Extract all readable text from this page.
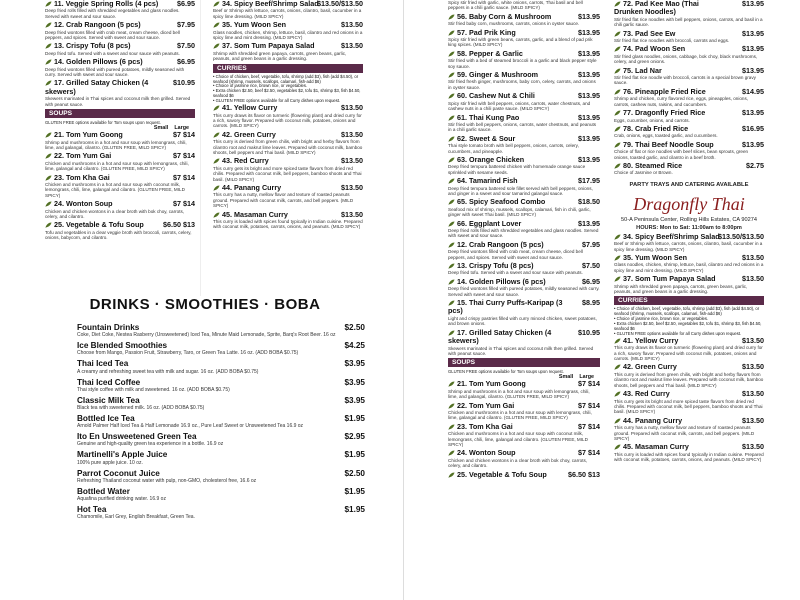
11. Veggie Spring Rolls (4 pcs)	$6.95
Deep fried rolls filled with shredded vegetables and glass noodles. Served with sweet and sour sauce.
12. Crab Rangoon (5 pcs)	$7.95
Deep fried wontons filled with crab meat, cream cheese, diced bell peppers, and spices. Served with sweet and sour sauce.
13. Crispy Tofu (8 pcs)	$7.50
Deep fried tofu. Served with a sweet and sour sauce with peanuts.
14. Golden Pillows (6 pcs)	$6.95
Deep fried wontons filled with pureed potatoes, mildly seasoned with curry. Served with sweet and sour sauce.
17. Grilled Satay Chicken (4 skewers)
$10.95
Skewers marinated in Thai spices and coconut milk then grilled. Served with peanut sauce.
SOUPS
GLUTEN FREE options available for Tom soups upon request.
Small Large
21. Tom Yum Goong	$7 $14
Shrimp and mushrooms in a hot and sour soup with lemongrass, chili, lime, and galangal, cilantro. (GLUTEN FREE, MILD SPICY)
22. Tom Yum Gai	$7 $14
Chicken and mushrooms in a hot and sour soup with lemongrass, chili, lime, galangal and cilantro. (GLUTEN FREE, MILD SPICY)
23. Tom Kha Gai	$7 $14
Chicken and mushrooms in a hot and sour soup with coconut milk, lemongrass, chili, lime, galangal and cilantro. (GLUTEN FREE, MILD SPICY)
24. Wonton Soup	$7 $14
Chicken and chicken wontons in a clear broth with bok choy, carrots, celery, and cilantro.
25. Vegetable & Tofu Soup	$6.50 $13
Tofu and vegetables in a clear veggie broth with broccoli, carrots, celery, onions, babycorn, and cilantro.
34. Spicy Beef/Shrimp Salad
$13.50/$13.50
Beef or Shrimp with lettuce, carrots, onions, cilantro, basil, cucumber in a spicy lime dressing. (MILD SPICY)
35. Yum Woon Sen	$13.50
Glass noodles, chicken, shrimp, lettuce, basil, cilantro and red onions in a spicy lime and mint dressing. (MILD SPICY)
37. Som Tum Papaya Salad	$13.50
Shrimp with shredded green papaya, carrots, green beans, garlic, peanuts, and green beans in a garlic dressing.
CURRIES
• Choice of chicken, beef, vegetable, tofu, shrimp (add $3), fish (add $4.50), or seafood (shrimp, mussels, scallops, calamari, fish-add $6)
• Choice of jasmine rice, brown rice, or vegetables.
• Extra chicken $2.50, beef $2.50, vegetables $2, tofu $1, shrimp $3, fish $4.50, seafood $6
• GLUTEN FREE options available for all Curry dishes upon request.
41. Yellow Curry	$13.50
This curry draws its flavor on turmeric (flowering plant) and dried curry for a rich, savory flavor. Prepared with coconut milk, potatoes, onions and carrots. (MILD SPICY)
42. Green Curry	$13.50
This curry is derived from green chilis, with bright and herby flavors from cilantro root and makrut lime leaves. Prepared with coconut milk, bamboo shoots, bell peppers and Thai basil. (MILD SPICY)
43. Red Curry	$13.50
This curry gets its bright and more spiced taste flavors from dried red chilis. Prepared with coconut milk, bell peppers, bamboo shoots and Thai basil. (MILD SPICY)
44. Panang Curry	$13.50
This curry has a nutty, mellow flavor and texture of roasted peanuts ground. Prepared with coconut milk, carrots, and bell peppers. (MILD SPICY)
45. Masaman Curry	$13.50
This curry is loaded with spices found typically in Indian cuisine. Prepared with coconut milk, potatoes, carrots, onions, and peanuts. (MILD SPICY)
DRINKS · SMOOTHIES · BOBA
Fountain Drinks	$2.50
Coke, Diet Coke, Nestea Rasberry (Unsweetened) Iced Tea, Minute Maid Lemonade, Sprite, Barq's Root Beer. 16 oz
Ice Blended Smoothies	$4.25
Choose from Mango, Passion Fruit, Strawberry, Taro, or Green Tea Latte. 16 oz. (ADD BOBA $0.75)
Thai Iced Tea	$3.95
A creamy and refreshing sweet tea with milk and sugar. 16 oz. (ADD BOBA $0.75)
Thai Iced Coffee	$3.95
Thai style coffee with milk and sweetened. 16 oz. (ADD BOBA $0.75)
Classic Milk Tea	$3.95
Black tea with sweetened milk. 16 oz. (ADD BOBA $0.75)
Bottled Ice Tea	$1.95
Arnold Palmer Half Iced Tea & Half Lemonade 16.9 oz., Pure Leaf Sweet or Unsweetened Tea 16.9 oz
Ito En Unsweetened Green Tea	$2.95
Genuine and high-quality green tea experience in a bottle. 16.9 oz
Martinelli's Apple Juice	$1.95
100% pure apple juice. 10 oz.
Parrot Coconut Juice	$2.50
Refreshing Thailand coconut water with pulp, non-GMO, cholesterol free, 16.6 oz
Bottled Water	$1.95
Aquafina purified drinking water. 16.9 oz
Hot Tea	$1.95
Chamomile, Earl Grey, English Breakfast, Green Tea.
Spicy stir fried with garlic, white onions, carrots, Thai basil and bell peppers in a chili garlic sauce. (MILD SPICY)
56. Baby Corn & Mushroom	$13.95
Stir fried baby corn, mushrooms, carrots, onions in oyster sauce.
57. Pad Prik King	$13.95
Spicy stir fried with green beans, carrots, garlic, and a blend of pad prik king spices. (MILD SPICY)
58. Pepper & Garlic	$13.95
Stir fried with a bed of steamed broccoli in a garlic and black pepper style soy sauce.
59. Ginger & Mushroom	$13.95
Stir fried fresh ginger, mushrooms, baby corn, celery, carrots, and onions in oyster sauce.
60. Cashew Nut & Chili	$13.95
Spicy stir fried with bell peppers, onions, carrots, water chestnuts, and cashew nuts in a chili paste sauce. (MILD SPICY)
61. Thai Kung Pao	$13.95
Stir fried with bell peppers, onions, carrots, water chestnuts, and peanuts in a chili garlic sauce.
62. Sweet & Sour	$13.95
Thai style tomato broth with bell peppers, onions, carrots, celery, cucumbers, and pineapple.
63. Orange Chicken	$13.95
Deep fried tempura battered chicken with homemade orange sauce sprinkled with sesame seeds.
64. Tamarind Fish	$17.95
Deep fried tempura battered sole fillet served with bell peppers, onions, and ginger in a sweet and sour tamarind galangal sauce.
65. Spicy Seafood Combo	$18.50
Seafood mix of shrimp, mussels, scallops, calamari, fish in chili, garlic, ginger with sweet Thai basil. (MILD SPICY)
66. Eggplant Lover	$13.95
Deep fried rolls filled with shredded vegetables and glass noodles. Served with sweet and sour sauce.
12. Crab Rangoon (5 pcs)	$7.95
Deep fried wontons filled with crab meat, cream cheese, diced bell peppers, and spices. Served with sweet and sour sauce.
13. Crispy Tofu (8 pcs)	$7.50
Deep fried tofu. Served with a sweet and sour sauce with peanuts.
14. Golden Pillows (6 pcs)	$6.95
Deep fried wontons filled with pureed potatoes, mildly seasoned with curry. Served with sweet and sour sauce.
15. Thai Curry Puffs-Karipap (3 pcs)
$8.95
Light and crispy pastries filled with curry minced chicken, sweet potatoes, and brown onions.
17. Grilled Satay Chicken (4 skewers)
$10.95
Skewers marinated in Thai spices and coconut milk then grilled. Served with peanut sauce.
SOUPS
GLUTEN FREE options available for Tom soups upon request.
Small Large
21. Tom Yum Goong	$7 $14
Shrimp and mushrooms in a hot and sour soup with lemongrass, chili, lime, and galangal, cilantro. (GLUTEN FREE, MILD SPICY)
22. Tom Yum Gai	$7 $14
Chicken and mushrooms in a hot and sour soup with lemongrass, chili, lime, galangal and cilantro. (GLUTEN FREE, MILD SPICY)
23. Tom Kha Gai	$7 $14
Chicken and mushrooms in a hot and sour soup with coconut milk, lemongrass, chili, lime, galangal and cilantro. (GLUTEN FREE, MILD SPICY)
24. Wonton Soup	$7 $14
Chicken and chicken wontons in a clear broth with bok choy, carrots, celery, and cilantro.
25. Vegetable & Tofu Soup	$6.50 $13
72. Pad Kee Mao (Thai Drunken Noodles)
$13.95
Stir fried flat rice noodles with bell peppers, onions, carrots, and basil in a chili garlic sauce.
73. Pad See Ew	$13.95
Stir fried flat rice noodles with broccoli, carrots and eggs.
74. Pad Woon Sen	$13.95
Stir fried glass noodles, onions, cabbage, bok choy, black mushrooms, celery, and green onions.
75. Lad Nar	$13.95
Stir fried flat rice noodle with broccoli, carrots in a special brown gravy sauce.
76. Pineapple Fried Rice	$14.95
Shrimp and chicken, curry flavored rice, eggs, pineapples, onions, carrots, cashew nuts, raisins, and cucumbers.
77. Dragonfly Fried Rice	$13.95
Eggs, cucumber, onions, and carrots.
78. Crab Fried Rice	$16.95
Crab, onions, eggs, toasted garlic, and cucumbers.
79. Thai Beef Noodle Soup	$13.95
Choice of flat or rice noodles with beef slices, bean sprouts, green onions, toasted garlic, and cilantro in a beef broth.
80. Steamed Rice	$2.75
Choice of Jasmine or Brown.
PARTY TRAYS AND CATERING AVAILABLE
Dragonfly Thai
50-A Peninsula Center, Rolling Hills Estates, CA 90274
HOURS: Mon to Sat: 11:00am to 8:00pm
34. Spicy Beef/Shrimp Salad
$13.50/$13.50
Beef or Shrimp with lettuce, carrots, onions, cilantro, basil, cucumber in a spicy lime dressing. (MILD SPICY)
35. Yum Woon Sen	$13.50
Glass noodles, chicken, shrimp, lettuce, basil, cilantro and red onions in a spicy lime and mint dressing. (MILD SPICY)
37. Som Tum Papaya Salad	$13.50
Shrimp with shredded green papaya, carrots, green beans, garlic, peanuts, and green beans in a garlic dressing.
CURRIES
• Choice of chicken, beef, vegetable, tofu, shrimp (add $3), fish (add $4.50), or seafood (shrimp, mussels, scallops, calamari, fish-add $6)
• Choice of jasmine rice, brown rice, or vegetables.
• Extra chicken $2.50, beef $2.50, vegetables $2, tofu $1, shrimp $3, fish $4.50, seafood $6
• GLUTEN FREE options available for all Curry dishes upon request.
41. Yellow Curry	$13.50
This curry draws its flavor on turmeric (flowering plant) and dried curry for a rich, savory flavor. Prepared with coconut milk, potatoes, onions and carrots. (MILD SPICY)
42. Green Curry	$13.50
This curry is derived from green chilis, with bright and herby flavors from cilantro root and makrut lime leaves. Prepared with coconut milk, bamboo shoots, bell peppers and Thai basil. (MILD SPICY)
43. Red Curry	$13.50
This curry gets its bright and more spiced taste flavors from dried red chilis. Prepared with coconut milk, bell peppers, bamboo shoots and Thai basil. (MILD SPICY)
44. Panang Curry	$13.50
This curry has a nutty, mellow flavor and texture of roasted peanuts ground. Prepared with coconut milk, carrots, and bell peppers. (MILD SPICY)
45. Masaman Curry	$13.50
This curry is loaded with spices found typically in Indian cuisine. Prepared with coconut milk, potatoes, carrots, onions, and peanuts. (MILD SPICY)
